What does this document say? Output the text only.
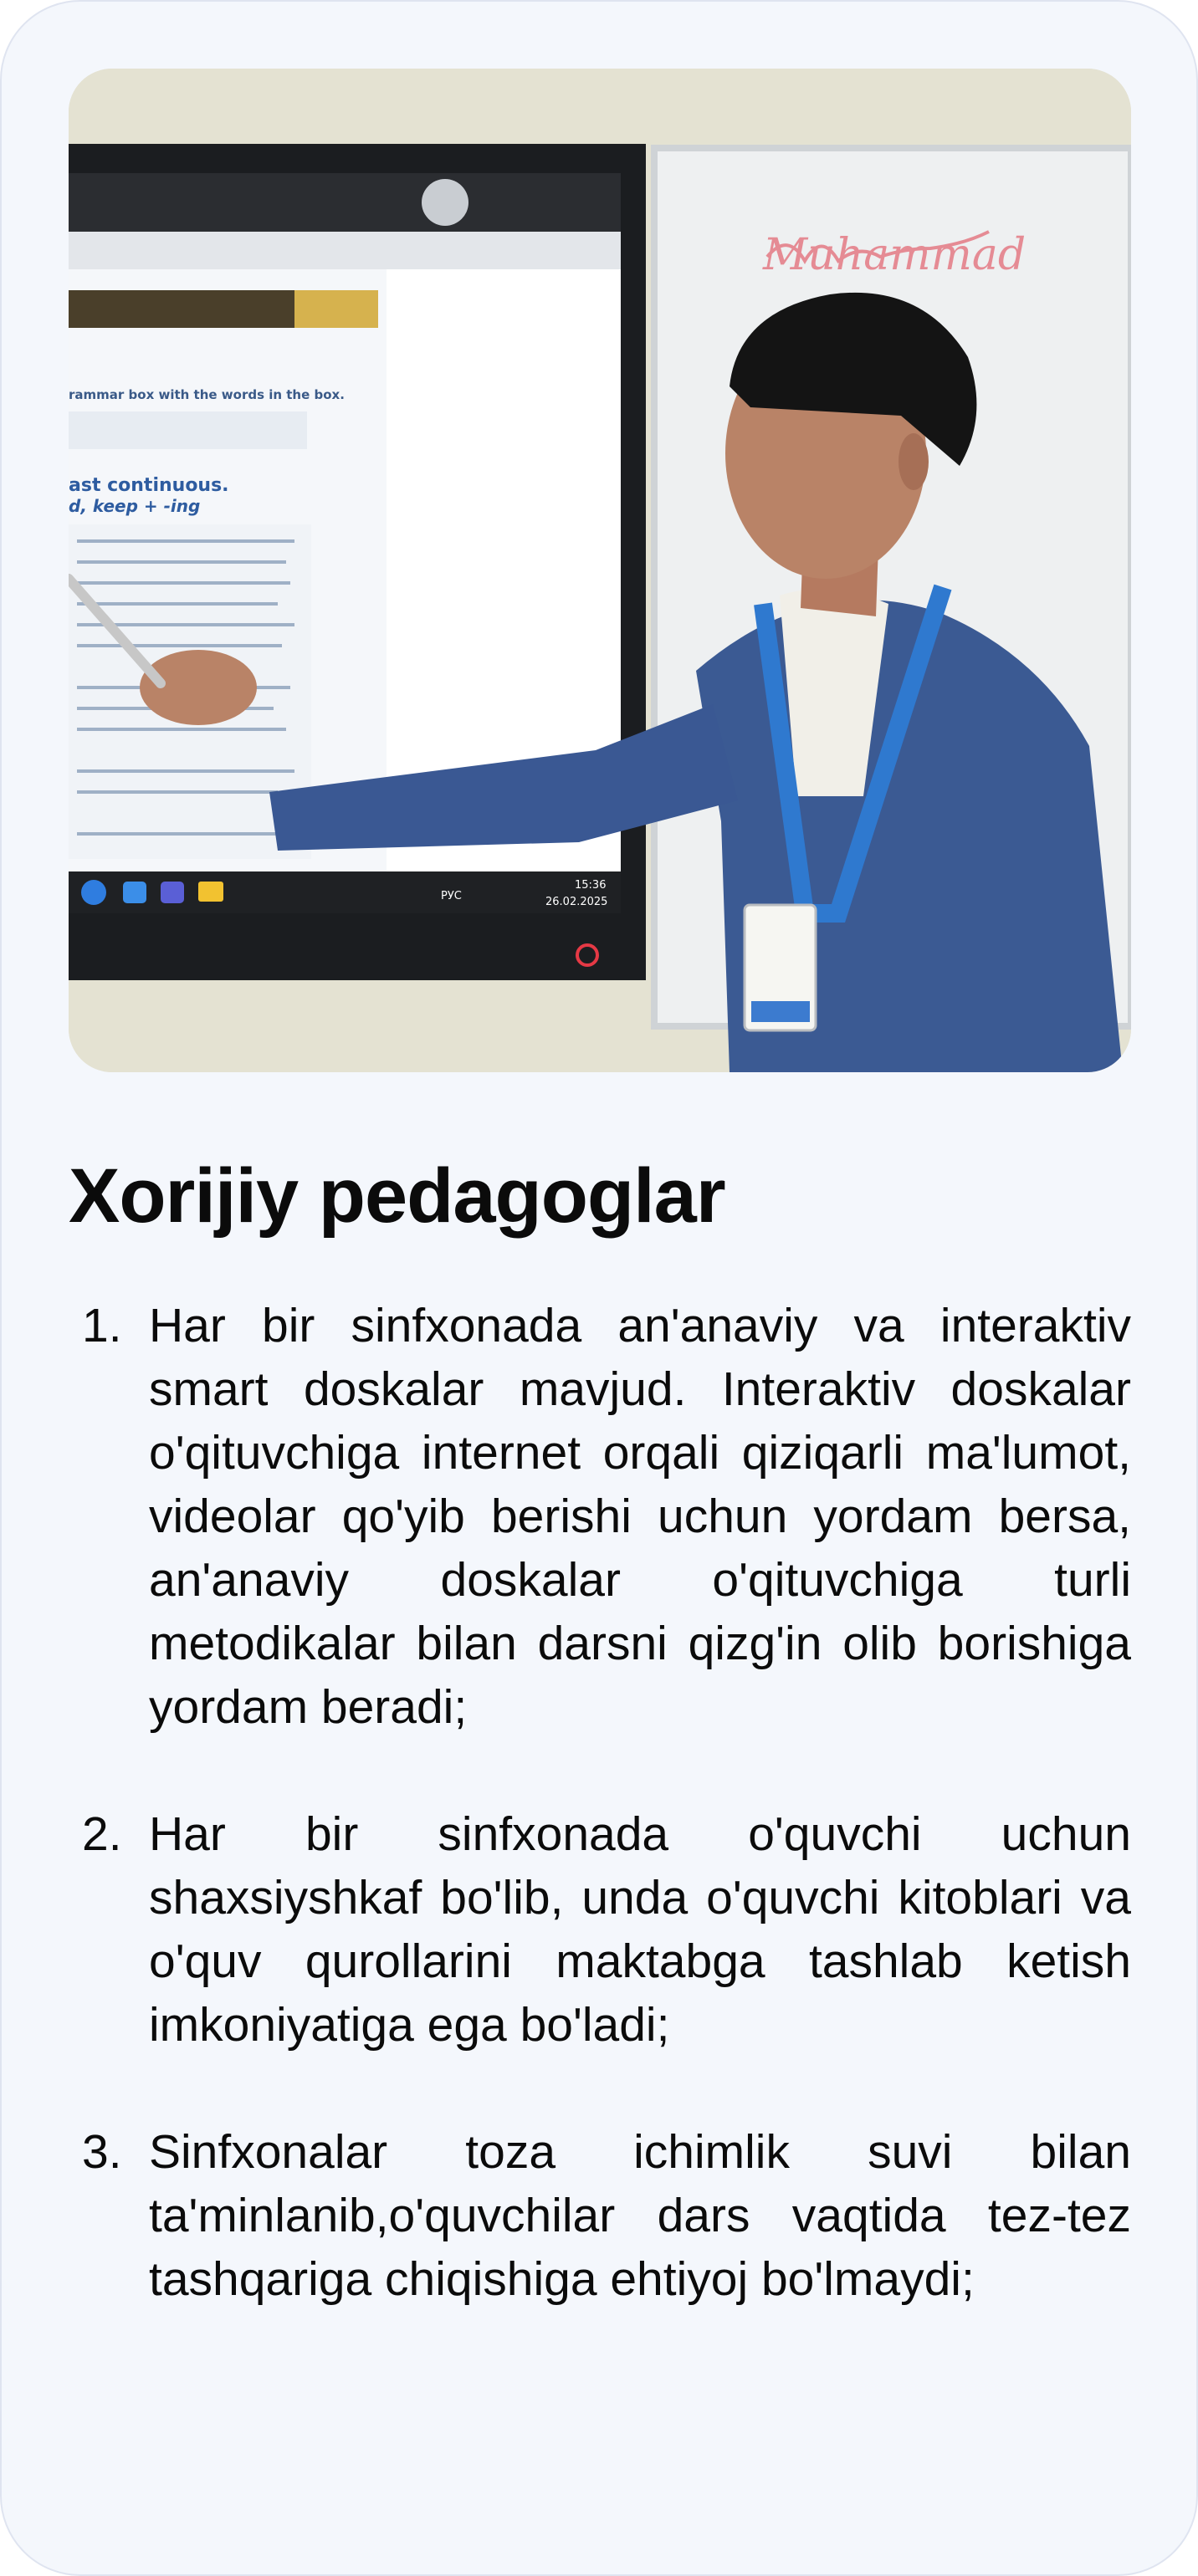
Muhammad
rammar box with the words in the box.
ast continuous.
d, keep + -ing
РУС
15:36
26.02.2025
Xorijiy pedagoglar
1. Har bir sinfxonada an'anaviy va interaktiv smart doskalar mavjud. Interaktiv doskalar o'qituvchiga internet orqali qiziqarli ma'lumot, videolar qo'yib berishi uchun yordam bersa, an'anaviy doskalar o'qituvchiga turli metodikalar bilan darsni qizg'in olib borishiga yordam beradi;
2. Har bir sinfxonada o'quvchi uchun shaxsiyshkaf bo'lib, unda o'quvchi kitoblari va o'quv qurollarini maktabga tashlab ketish imkoniyatiga ega bo'ladi;
3. Sinfxonalar toza ichimlik suvi bilan ta'minlanib,o'quvchilar dars vaqtida tez-tez tashqariga chiqishiga ehtiyoj bo'lmaydi;
